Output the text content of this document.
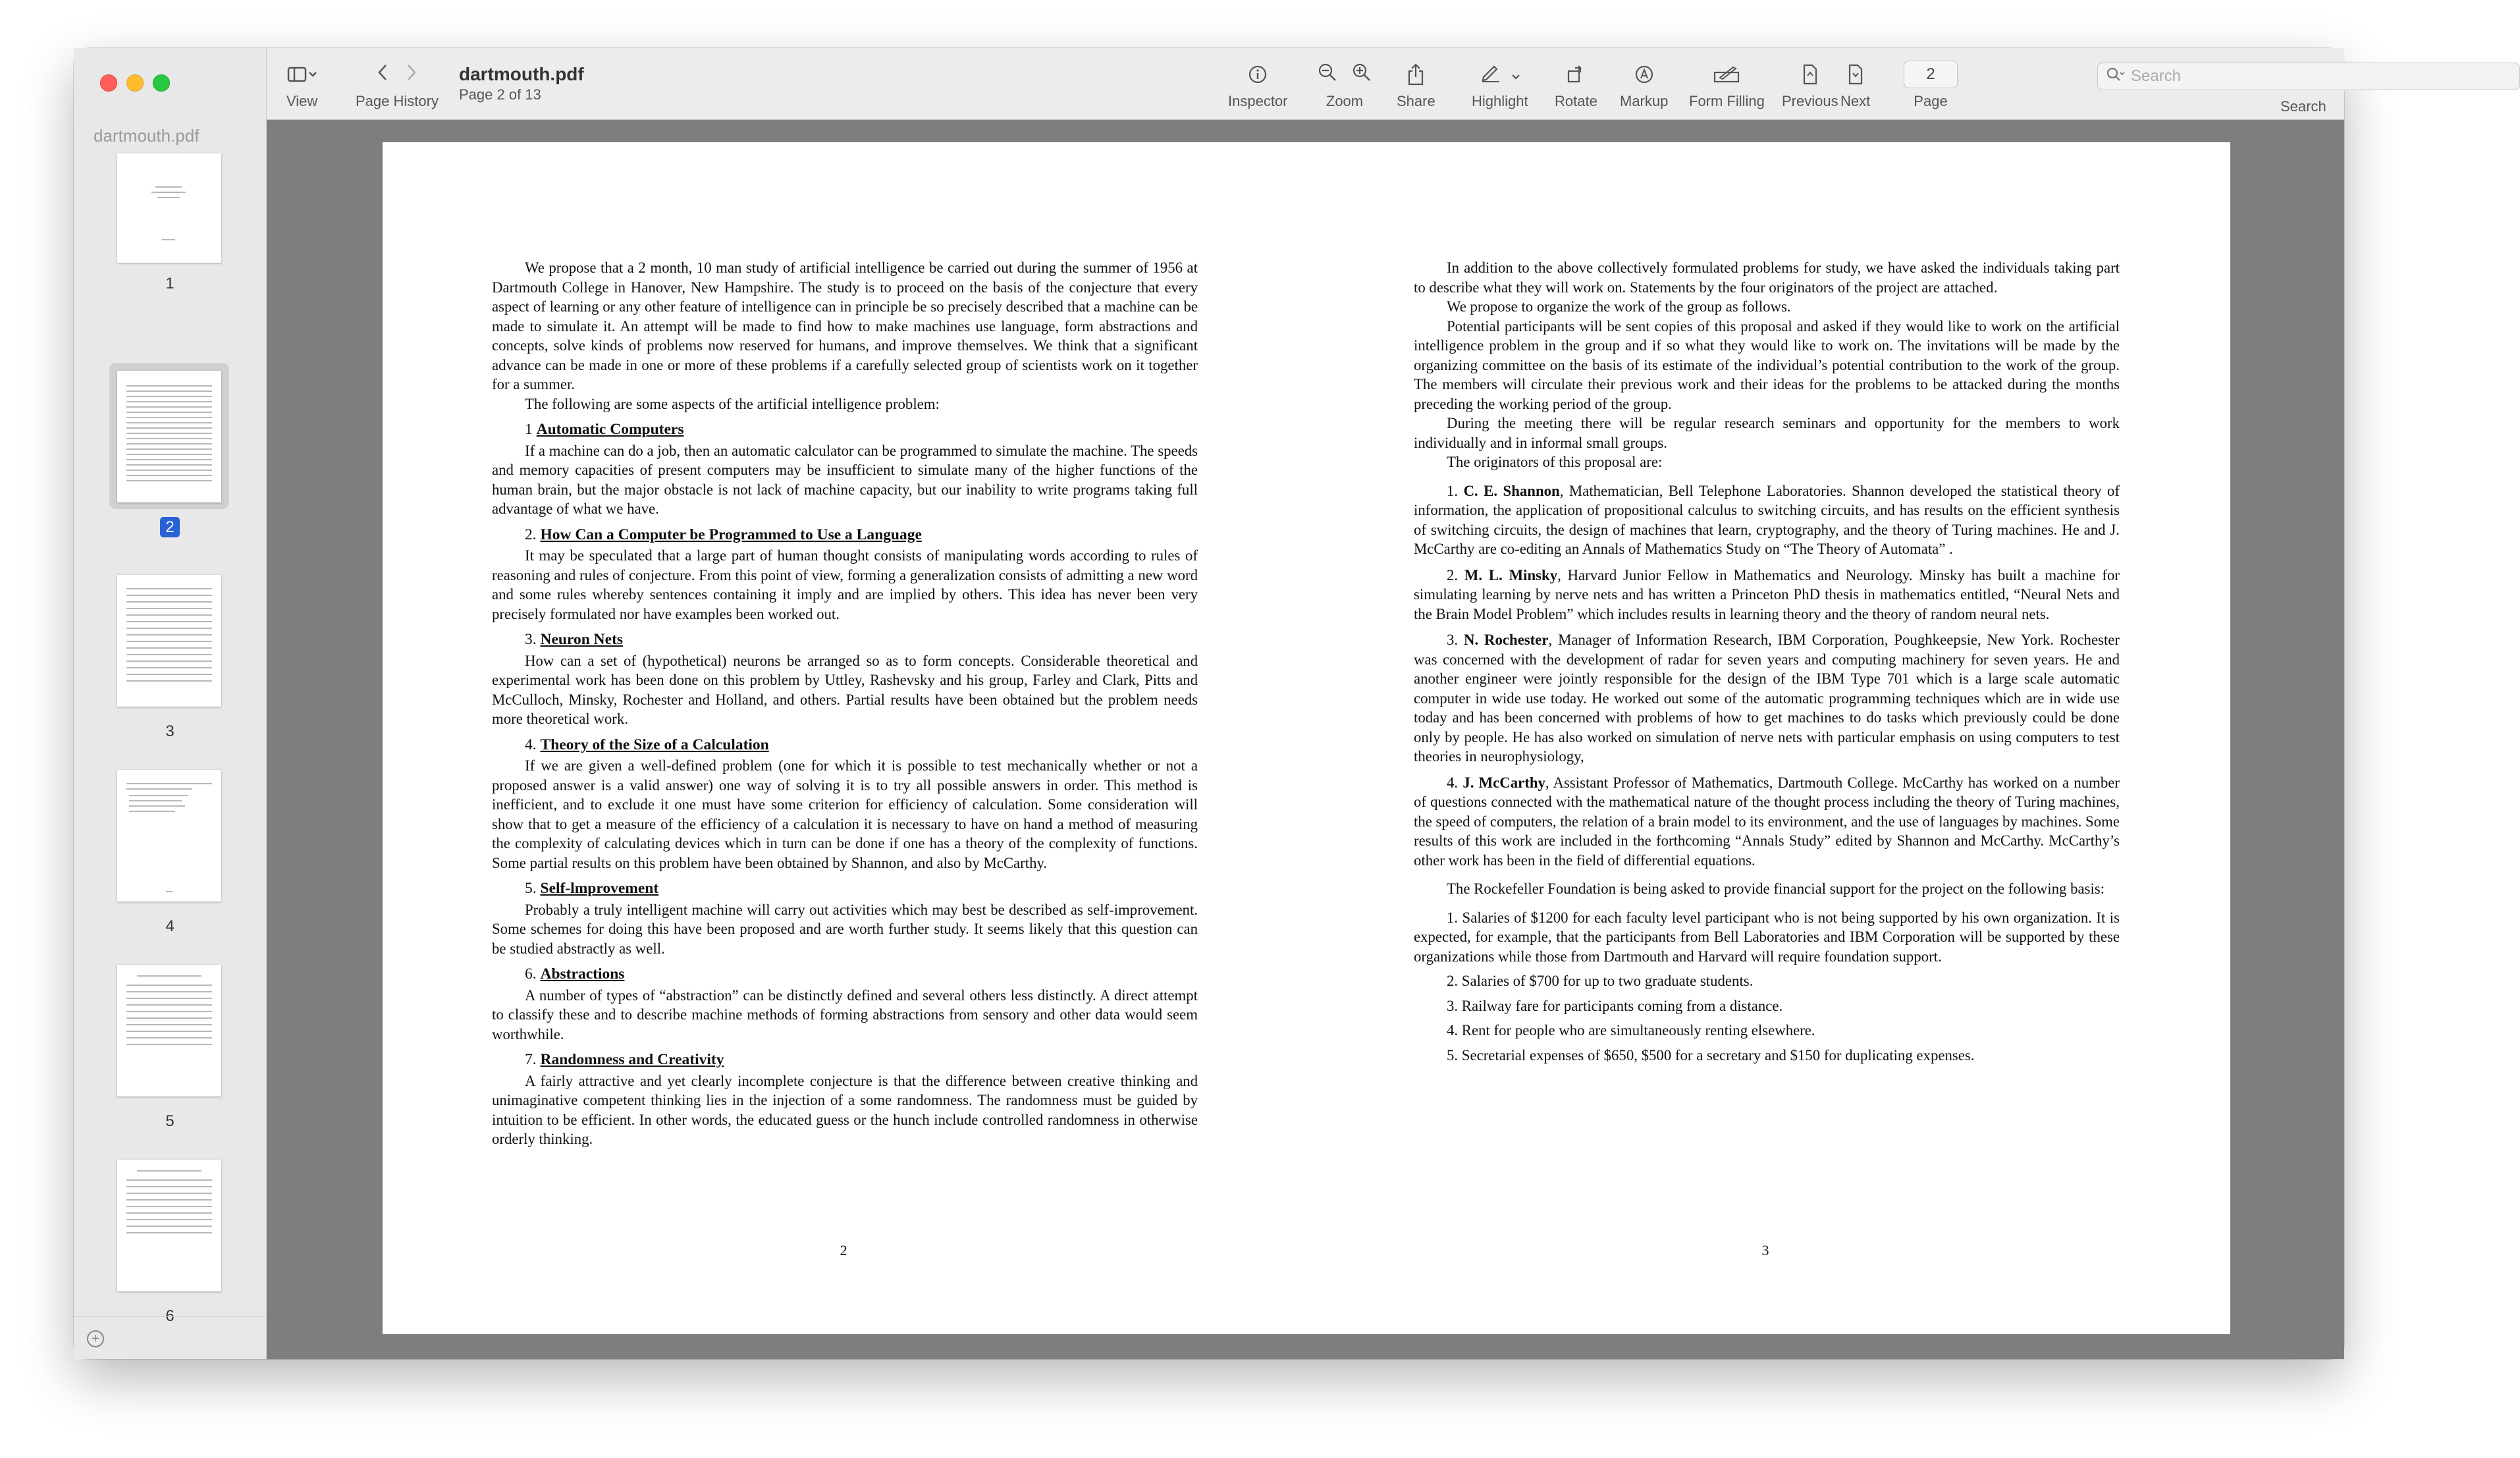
dartmouth.pdf
1
2
3
4
5
6
+
View	Page History
dartmouth.pdf
Page 2 of 13	Inspector	Zoom	Share	Highlight Rotate Markup Form Filling Previous Next
2
Page
Search
Search

We propose that a 2 month, 10 man study of artificial intelligence be carried out during the summer of 1956 at Dartmouth College in Hanover, New Hampshire. The study is to proceed on the basis of the conjecture that every aspect of learning or any other feature of intelligence can in principle be so precisely described that a machine can be made to simulate it. An attempt will be made to find how to make machines use language, form abstractions and concepts, solve kinds of problems now reserved for humans, and improve themselves. We think that a significant advance can be made in one or more of these problems if a carefully selected group of scientists work on it together for a summer.

The following are some aspects of the artificial intelligence problem:

1 Automatic Computers

If a machine can do a job, then an automatic calculator can be programmed to simulate the machine. The speeds and memory capacities of present computers may be insufficient to simulate many of the higher functions of the human brain, but the major obstacle is not lack of machine capacity, but our inability to write programs taking full advantage of what we have.

2. How Can a Computer be Programmed to Use a Language

It may be speculated that a large part of human thought consists of manipulating words according to rules of reasoning and rules of conjecture. From this point of view, forming a generalization consists of admitting a new word and some rules whereby sentences containing it imply and are implied by others. This idea has never been very precisely formulated nor have examples been worked out.

3. Neuron Nets

How can a set of (hypothetical) neurons be arranged so as to form concepts. Considerable theoretical and experimental work has been done on this problem by Uttley, Rashevsky and his group, Farley and Clark, Pitts and McCulloch, Minsky, Rochester and Holland, and others. Partial results have been obtained but the problem needs more theoretical work.

4. Theory of the Size of a Calculation

If we are given a well-defined problem (one for which it is possible to test mechanically whether or not a proposed answer is a valid answer) one way of solving it is to try all possible answers in order. This method is inefficient, and to exclude it one must have some criterion for efficiency of calculation. Some consideration will show that to get a measure of the efficiency of a calculation it is necessary to have on hand a method of measuring the complexity of calculating devices which in turn can be done if one has a theory of the complexity of functions. Some partial results on this problem have been obtained by Shannon, and also by McCarthy.

5. Self-lmprovement

Probably a truly intelligent machine will carry out activities which may best be described as self-improvement. Some schemes for doing this have been proposed and are worth further study. It seems likely that this question can be studied abstractly as well.

6. Abstractions

A number of types of “abstraction” can be distinctly defined and several others less distinctly. A direct attempt to classify these and to describe machine methods of forming abstractions from sensory and other data would seem worthwhile.

7. Randomness and Creativity

A fairly attractive and yet clearly incomplete conjecture is that the difference between creative thinking and unimaginative competent thinking lies in the injection of a some randomness. The randomness must be guided by intuition to be efficient. In other words, the educated guess or the hunch include controlled randomness in otherwise orderly thinking.

2

In addition to the above collectively formulated problems for study, we have asked the individuals taking part to describe what they will work on. Statements by the four originators of the project are attached.

We propose to organize the work of the group as follows.

Potential participants will be sent copies of this proposal and asked if they would like to work on the artificial intelligence problem in the group and if so what they would like to work on. The invitations will be made by the organizing committee on the basis of its estimate of the individual’s potential contribution to the work of the group. The members will circulate their previous work and their ideas for the problems to be attacked during the months preceding the working period of the group.

During the meeting there will be regular research seminars and opportunity for the members to work individually and in informal small groups.

The originators of this proposal are:

1. C. E. Shannon, Mathematician, Bell Telephone Laboratories. Shannon developed the statistical theory of information, the application of propositional calculus to switching circuits, and has results on the efficient synthesis of switching circuits, the design of machines that learn, cryptography, and the theory of Turing machines. He and J. McCarthy are co-editing an Annals of Mathematics Study on “The Theory of Automata” .

2. M. L. Minsky, Harvard Junior Fellow in Mathematics and Neurology. Minsky has built a machine for simulating learning by nerve nets and has written a Princeton PhD thesis in mathematics entitled, “Neural Nets and the Brain Model Problem” which includes results in learning theory and the theory of random neural nets.

3. N. Rochester, Manager of Information Research, IBM Corporation, Poughkeepsie, New York. Rochester was concerned with the development of radar for seven years and computing machinery for seven years. He and another engineer were jointly responsible for the design of the IBM Type 701 which is a large scale automatic computer in wide use today. He worked out some of the automatic programming techniques which are in wide use today and has been concerned with problems of how to get machines to do tasks which previously could be done only by people. He has also worked on simulation of nerve nets with particular emphasis on using computers to test theories in neurophysiology,

4. J. McCarthy, Assistant Professor of Mathematics, Dartmouth College. McCarthy has worked on a number of questions connected with the mathematical nature of the thought process including the theory of Turing machines, the speed of computers, the relation of a brain model to its environment, and the use of languages by machines. Some results of this work are included in the forthcoming “Annals Study” edited by Shannon and McCarthy. McCarthy’s other work has been in the field of differential equations.

The Rockefeller Foundation is being asked to provide financial support for the project on the following basis:

1. Salaries of $1200 for each faculty level participant who is not being supported by his own organization. It is expected, for example, that the participants from Bell Laboratories and IBM Corporation will be supported by these organizations while those from Dartmouth and Harvard will require foundation support.

2. Salaries of $700 for up to two graduate students.

3. Railway fare for participants coming from a distance.

4. Rent for people who are simultaneously renting elsewhere.

5. Secretarial expenses of $650, $500 for a secretary and $150 for duplicating expenses.

3
